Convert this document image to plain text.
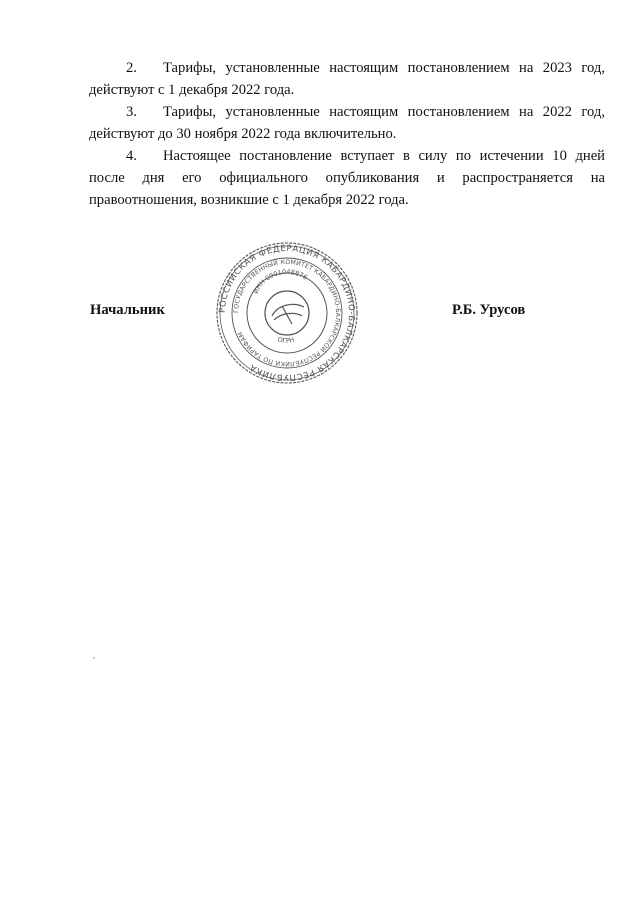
2. Тарифы, установленные настоящим постановлением на 2023 год,
действуют с 1 декабря 2022 года.

3. Тарифы, установленные настоящим постановлением на 2022 год,
действуют до 30 ноября 2022 года включительно.

4. Настоящее постановление вступает в силу по истечении 10 дней
после дня его официального опубликования и распространяется на
правоотношения, возникшие с 1 декабря 2022 года.

Начальник	РОССИЙСКАЯ ФЕДЕРАЦИЯ КАБАРДИНО-БАЛКАРСКАЯ РЕСПУБЛИКА
ГОСУДАРСТВЕННЫЙ КОМИТЕТ КАБАРДИНО-БАЛКАРСКОЙ РЕСПУБЛИКИ ПО ТАРИФАМ
ИНН 0901048876
ОГРН
Р.Б. Урусов
